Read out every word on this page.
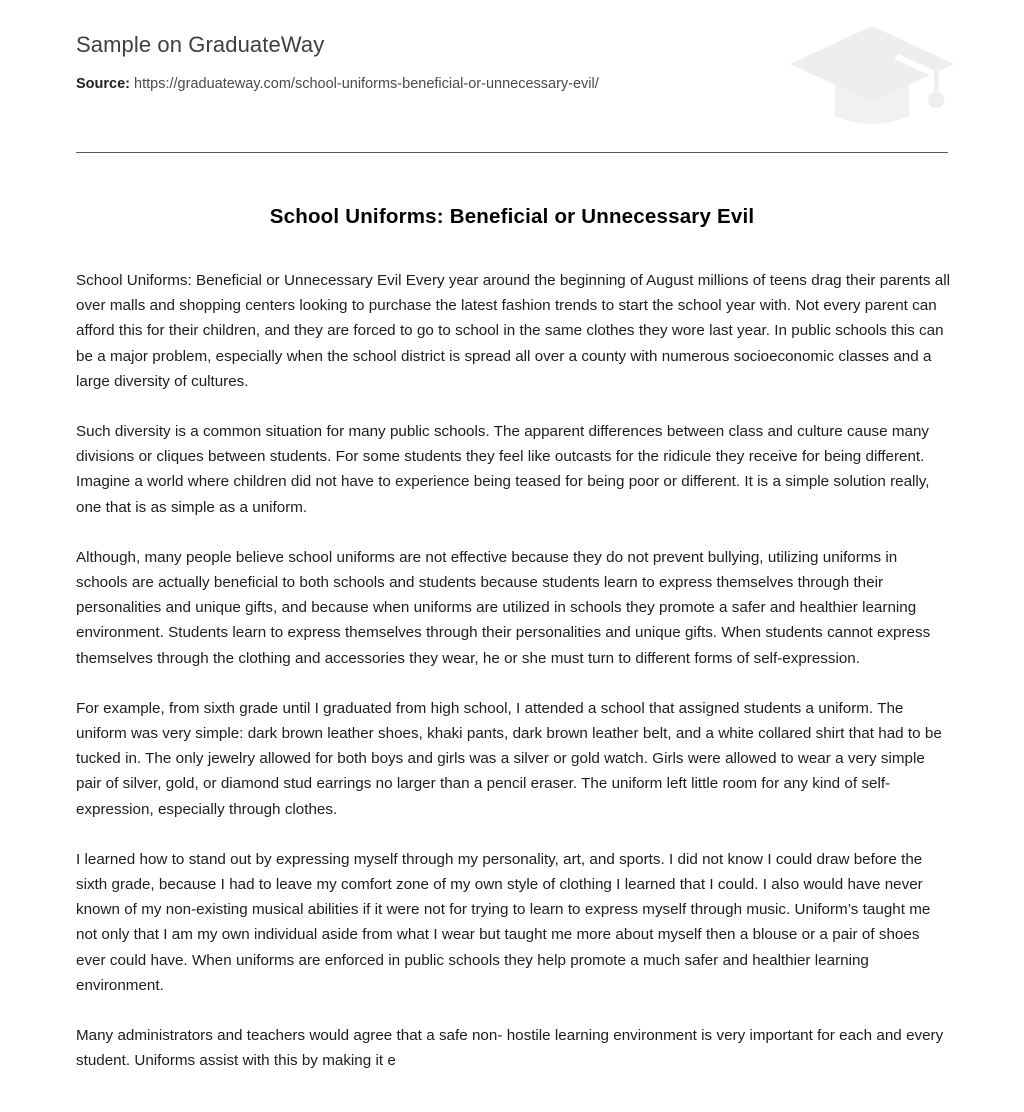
Sample on GraduateWay
Source: https://graduateway.com/school-uniforms-beneficial-or-unnecessary-evil/
School Uniforms: Beneficial or Unnecessary Evil

School Uniforms: Beneficial or Unnecessary Evil Every year around the beginning of August millions of teens drag their parents all over malls and shopping centers looking to purchase the latest fashion trends to start the school year with. Not every parent can afford this for their children, and they are forced to go to school in the same clothes they wore last year. In public schools this can be a major problem, especially when the school district is spread all over a county with numerous socioeconomic classes and a large diversity of cultures.

Such diversity is a common situation for many public schools. The apparent differences between class and culture cause many divisions or cliques between students. For some students they feel like outcasts for the ridicule they receive for being different. Imagine a world where children did not have to experience being teased for being poor or different. It is a simple solution really, one that is as simple as a uniform.

Although, many people believe school uniforms are not effective because they do not prevent bullying, utilizing uniforms in schools are actually beneficial to both schools and students because students learn to express themselves through their personalities and unique gifts, and because when uniforms are utilized in schools they promote a safer and healthier learning environment. Students learn to express themselves through their personalities and unique gifts. When students cannot express themselves through the clothing and accessories they wear, he or she must turn to different forms of self-expression.

For example, from sixth grade until I graduated from high school, I attended a school that assigned students a uniform. The uniform was very simple: dark brown leather shoes, khaki pants, dark brown leather belt, and a white collared shirt that had to be tucked in. The only jewelry allowed for both boys and girls was a silver or gold watch. Girls were allowed to wear a very simple pair of silver, gold, or diamond stud earrings no larger than a pencil eraser. The uniform left little room for any kind of self-expression, especially through clothes.

I learned how to stand out by expressing myself through my personality, art, and sports. I did not know I could draw before the sixth grade, because I had to leave my comfort zone of my own style of clothing I learned that I could. I also would have never known of my non-existing musical abilities if it were not for trying to learn to express myself through music. Uniform’s taught me not only that I am my own individual aside from what I wear but taught me more about myself then a blouse or a pair of shoes ever could have. When uniforms are enforced in public schools they help promote a much safer and healthier learning environment.

Many administrators and teachers would agree that a safe non- hostile learning environment is very important for each and every student. Uniforms assist with this by making it e
